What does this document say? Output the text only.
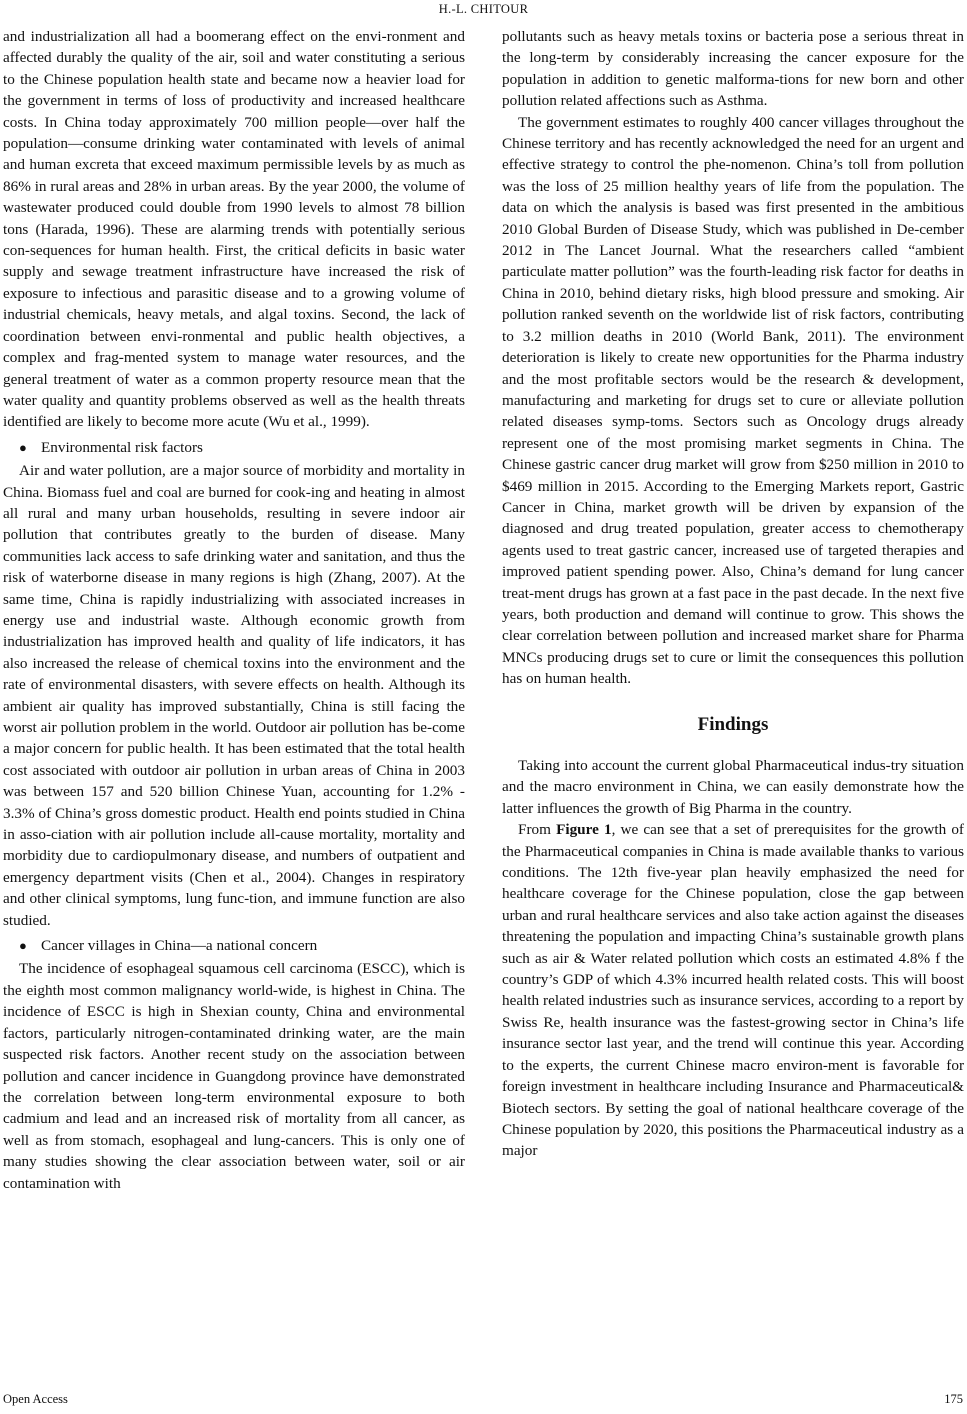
H.-L. CHITOUR

and industrialization all had a boomerang effect on the envi-ronment and affected durably the quality of the air, soil and water constituting a serious to the Chinese population health state and became now a heavier load for the government in terms of loss of productivity and increased healthcare costs. In China today approximately 700 million people—over half the population—consume drinking water contaminated with levels of animal and human excreta that exceed maximum permissible levels by as much as 86% in rural areas and 28% in urban areas. By the year 2000, the volume of wastewater produced could double from 1990 levels to almost 78 billion tons (Harada, 1996). These are alarming trends with potentially serious con-sequences for human health. First, the critical deficits in basic water supply and sewage treatment infrastructure have increased the risk of exposure to infectious and parasitic disease and to a growing volume of industrial chemicals, heavy metals, and algal toxins. Second, the lack of coordination between envi-ronmental and public health objectives, a complex and frag-mented system to manage water resources, and the general treatment of water as a common property resource mean that the water quality and quantity problems observed as well as the health threats identified are likely to become more acute (Wu et al., 1999).

● Environmental risk factors

Air and water pollution, are a major source of morbidity and mortality in China. Biomass fuel and coal are burned for cook-ing and heating in almost all rural and many urban households, resulting in severe indoor air pollution that contributes greatly to the burden of disease. Many communities lack access to safe drinking water and sanitation, and thus the risk of waterborne disease in many regions is high (Zhang, 2007). At the same time, China is rapidly industrializing with associated increases in energy use and industrial waste. Although economic growth from industrialization has improved health and quality of life indicators, it has also increased the release of chemical toxins into the environment and the rate of environmental disasters, with severe effects on health. Although its ambient air quality has improved substantially, China is still facing the worst air pollution problem in the world. Outdoor air pollution has be-come a major concern for public health. It has been estimated that the total health cost associated with outdoor air pollution in urban areas of China in 2003 was between 157 and 520 billion Chinese Yuan, accounting for 1.2% - 3.3% of China’s gross domestic product. Health end points studied in China in asso-ciation with air pollution include all-cause mortality, mortality and morbidity due to cardiopulmonary disease, and numbers of outpatient and emergency department visits (Chen et al., 2004). Changes in respiratory and other clinical symptoms, lung func-tion, and immune function are also studied.

● Cancer villages in China—a national concern

The incidence of esophageal squamous cell carcinoma (ESCC), which is the eighth most common malignancy world-wide, is highest in China. The incidence of ESCC is high in Shexian county, China and environmental factors, particularly nitrogen-contaminated drinking water, are the main suspected risk factors. Another recent study on the association between pollution and cancer incidence in Guangdong province have demonstrated the correlation between long-term environmental exposure to both cadmium and lead and an increased risk of mortality from all cancer, as well as from stomach, esophageal and lung-cancers. This is only one of many studies showing the clear association between water, soil or air contamination with

pollutants such as heavy metals toxins or bacteria pose a serious threat in the long-term by considerably increasing the cancer exposure for the population in addition to genetic malforma-tions for new born and other pollution related affections such as Asthma.

The government estimates to roughly 400 cancer villages throughout the Chinese territory and has recently acknowledged the need for an urgent and effective strategy to control the phe-nomenon. China’s toll from pollution was the loss of 25 million healthy years of life from the population. The data on which the analysis is based was first presented in the ambitious 2010 Global Burden of Disease Study, which was published in De-cember 2012 in The Lancet Journal. What the researchers called “ambient particulate matter pollution” was the fourth-leading risk factor for deaths in China in 2010, behind dietary risks, high blood pressure and smoking. Air pollution ranked seventh on the worldwide list of risk factors, contributing to 3.2 million deaths in 2010 (World Bank, 2011). The environment deterioration is likely to create new opportunities for the Pharma industry and the most profitable sectors would be the research & development, manufacturing and marketing for drugs set to cure or alleviate pollution related diseases symp-toms. Sectors such as Oncology drugs already represent one of the most promising market segments in China. The Chinese gastric cancer drug market will grow from $250 million in 2010 to $469 million in 2015. According to the Emerging Markets report, Gastric Cancer in China, market growth will be driven by expansion of the diagnosed and drug treated population, greater access to chemotherapy agents used to treat gastric cancer, increased use of targeted therapies and improved patient spending power. Also, China’s demand for lung cancer treat-ment drugs has grown at a fast pace in the past decade. In the next five years, both production and demand will continue to grow. This shows the clear correlation between pollution and increased market share for Pharma MNCs producing drugs set to cure or limit the consequences this pollution has on human health.

Findings

Taking into account the current global Pharmaceutical indus-try situation and the macro environment in China, we can easily demonstrate how the latter influences the growth of Big Pharma in the country.

From Figure 1, we can see that a set of prerequisites for the growth of the Pharmaceutical companies in China is made available thanks to various conditions. The 12th five-year plan heavily emphasized the need for healthcare coverage for the Chinese population, close the gap between urban and rural healthcare services and also take action against the diseases threatening the population and impacting China’s sustainable growth plans such as air & Water related pollution which costs an estimated 4.8% f the country’s GDP of which 4.3% incurred health related costs. This will boost health related industries such as insurance services, according to a report by Swiss Re, health insurance was the fastest-growing sector in China’s life insurance sector last year, and the trend will continue this year. According to the experts, the current Chinese macro environ-ment is favorable for foreign investment in healthcare including Insurance and Pharmaceutical& Biotech sectors. By setting the goal of national healthcare coverage of the Chinese population by 2020, this positions the Pharmaceutical industry as a major

Open Access	175
